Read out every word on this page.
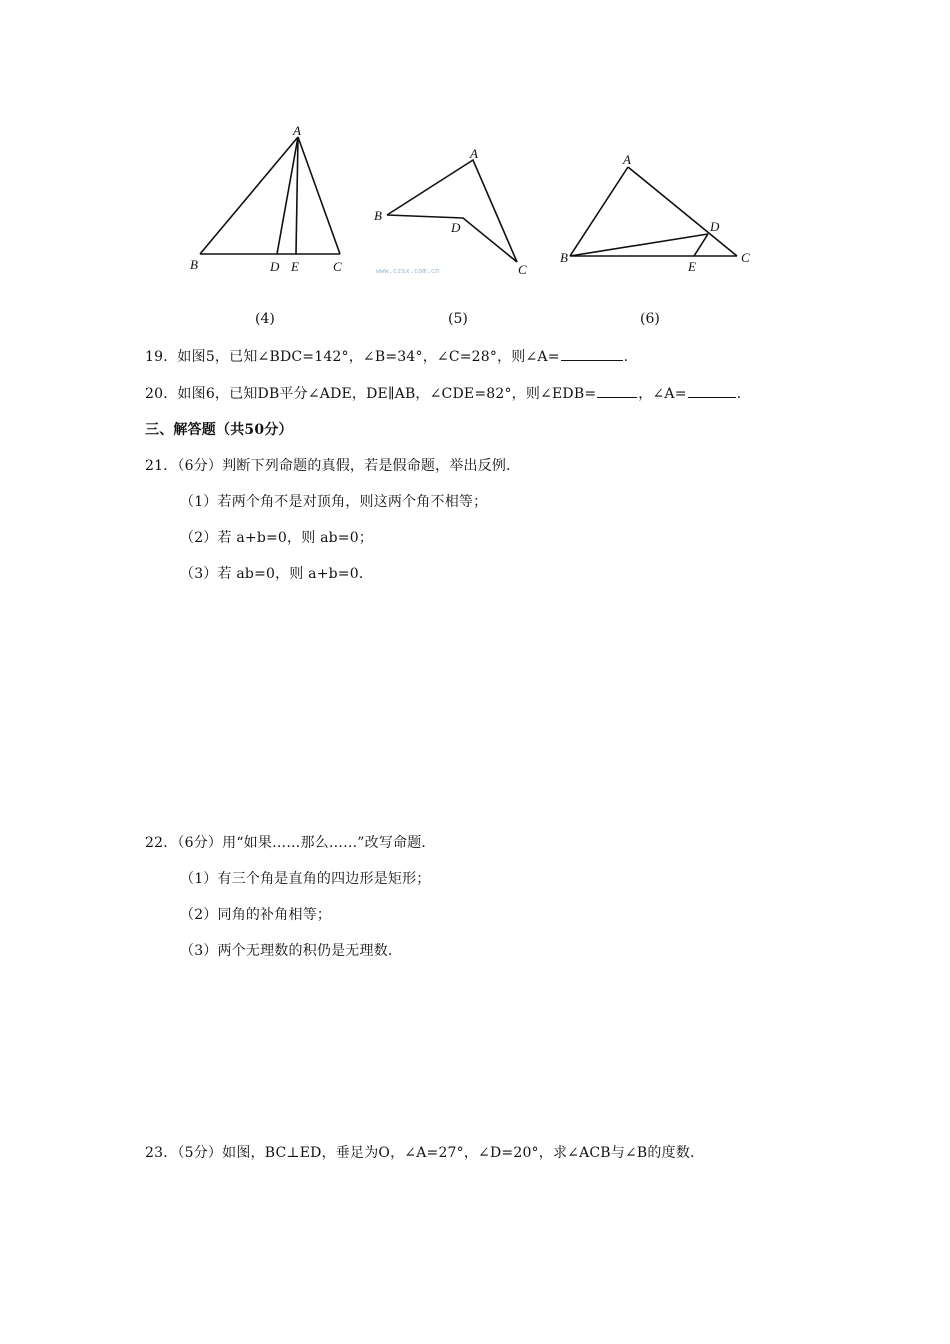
A
B	D E	C
A
B
D
C
www.czsx.com.cn
A
B
D
E
C
(4)	(5)	(6)
19．如图5，已知∠BDC=142°，∠B=34°，∠C=28°，则∠A=	.
20．如图6，已知DB平分∠ADE，DE∥AB，∠CDE=82°，则∠EDB=	，∠A=	.
三、解答题（共50分）
21．（6分）判断下列命题的真假，若是假命题，举出反例．
（1）若两个角不是对顶角，则这两个角不相等；
（2）若 a+b=0，则 ab=0；
（3）若 ab=0，则 a+b=0．
22．（6分）用“如果……那么……”改写命题．
（1）有三个角是直角的四边形是矩形；
（2）同角的补角相等；
（3）两个无理数的积仍是无理数．
23．（5分）如图，BC⊥ED，垂足为O，∠A=27°，∠D=20°，求∠ACB与∠B的度数．
